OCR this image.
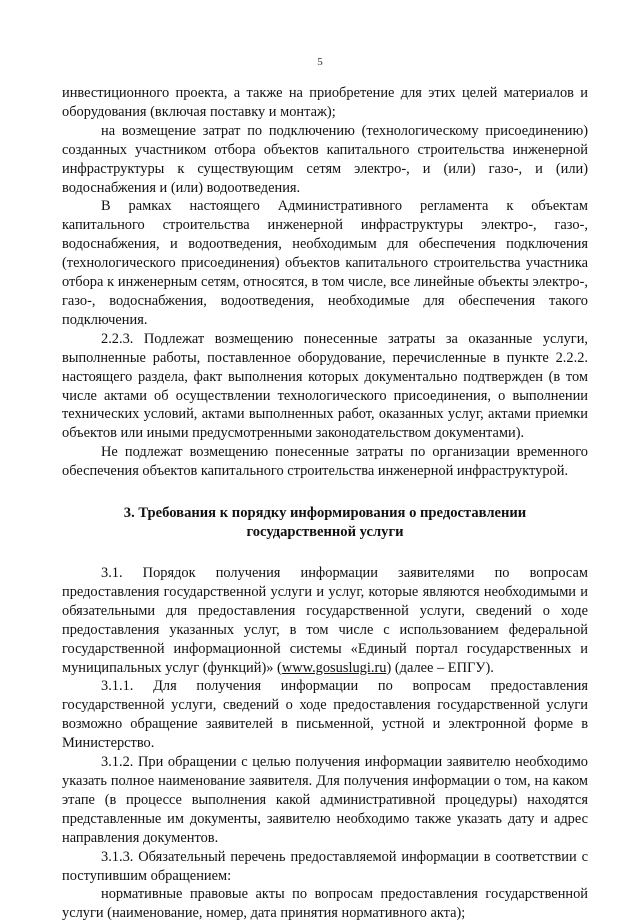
5

инвестиционного проекта, а также на приобретение для этих целей материалов и оборудования (включая поставку и монтаж);

на возмещение затрат по подключению (технологическому присоединению) созданных участником отбора объектов капитального строительства инженерной инфраструктуры к существующим сетям электро-, и (или) газо-, и (или) водоснабжения и (или) водоотведения.

В рамках настоящего Административного регламента к объектам капитального строительства инженерной инфраструктуры электро-, газо-, водоснабжения, и водоотведения, необходимым для обеспечения подключения (технологического присоединения) объектов капитального строительства участника отбора к инженерным сетям, относятся, в том числе, все линейные объекты электро-, газо-, водоснабжения, водоотведения, необходимые для обеспечения такого подключения.

2.2.3. Подлежат возмещению понесенные затраты за оказанные услуги, выполненные работы, поставленное оборудование, перечисленные в пункте 2.2.2. настоящего раздела, факт выполнения которых документально подтвержден (в том числе актами об осуществлении технологического присоединения, о выполнении технических условий, актами выполненных работ, оказанных услуг, актами приемки объектов или иными предусмотренными законодательством документами).

Не подлежат возмещению понесенные затраты по организации временного обеспечения объектов капитального строительства инженерной инфраструктурой.

3. Требования к порядку информирования о предоставлении
государственной услуги

3.1. Порядок получения информации заявителями по вопросам предоставления государственной услуги и услуг, которые являются необходимыми и обязательными для предоставления государственной услуги, сведений о ходе предоставления указанных услуг, в том числе с использованием федеральной государственной информационной системы «Единый портал государственных и муниципальных услуг (функций)» (www.gosuslugi.ru) (далее – ЕПГУ).

3.1.1. Для получения информации по вопросам предоставления государственной услуги, сведений о ходе предоставления государственной услуги возможно обращение заявителей в письменной, устной и электронной форме в Министерство.

3.1.2. При обращении с целью получения информации заявителю необходимо указать полное наименование заявителя. Для получения информации о том, на каком этапе (в процессе выполнения какой административной процедуры) находятся представленные им документы, заявителю необходимо также указать дату и адрес направления документов.

3.1.3. Обязательный перечень предоставляемой информации в соответствии с поступившим обращением:

нормативные правовые акты по вопросам предоставления государственной услуги (наименование, номер, дата принятия нормативного акта);
